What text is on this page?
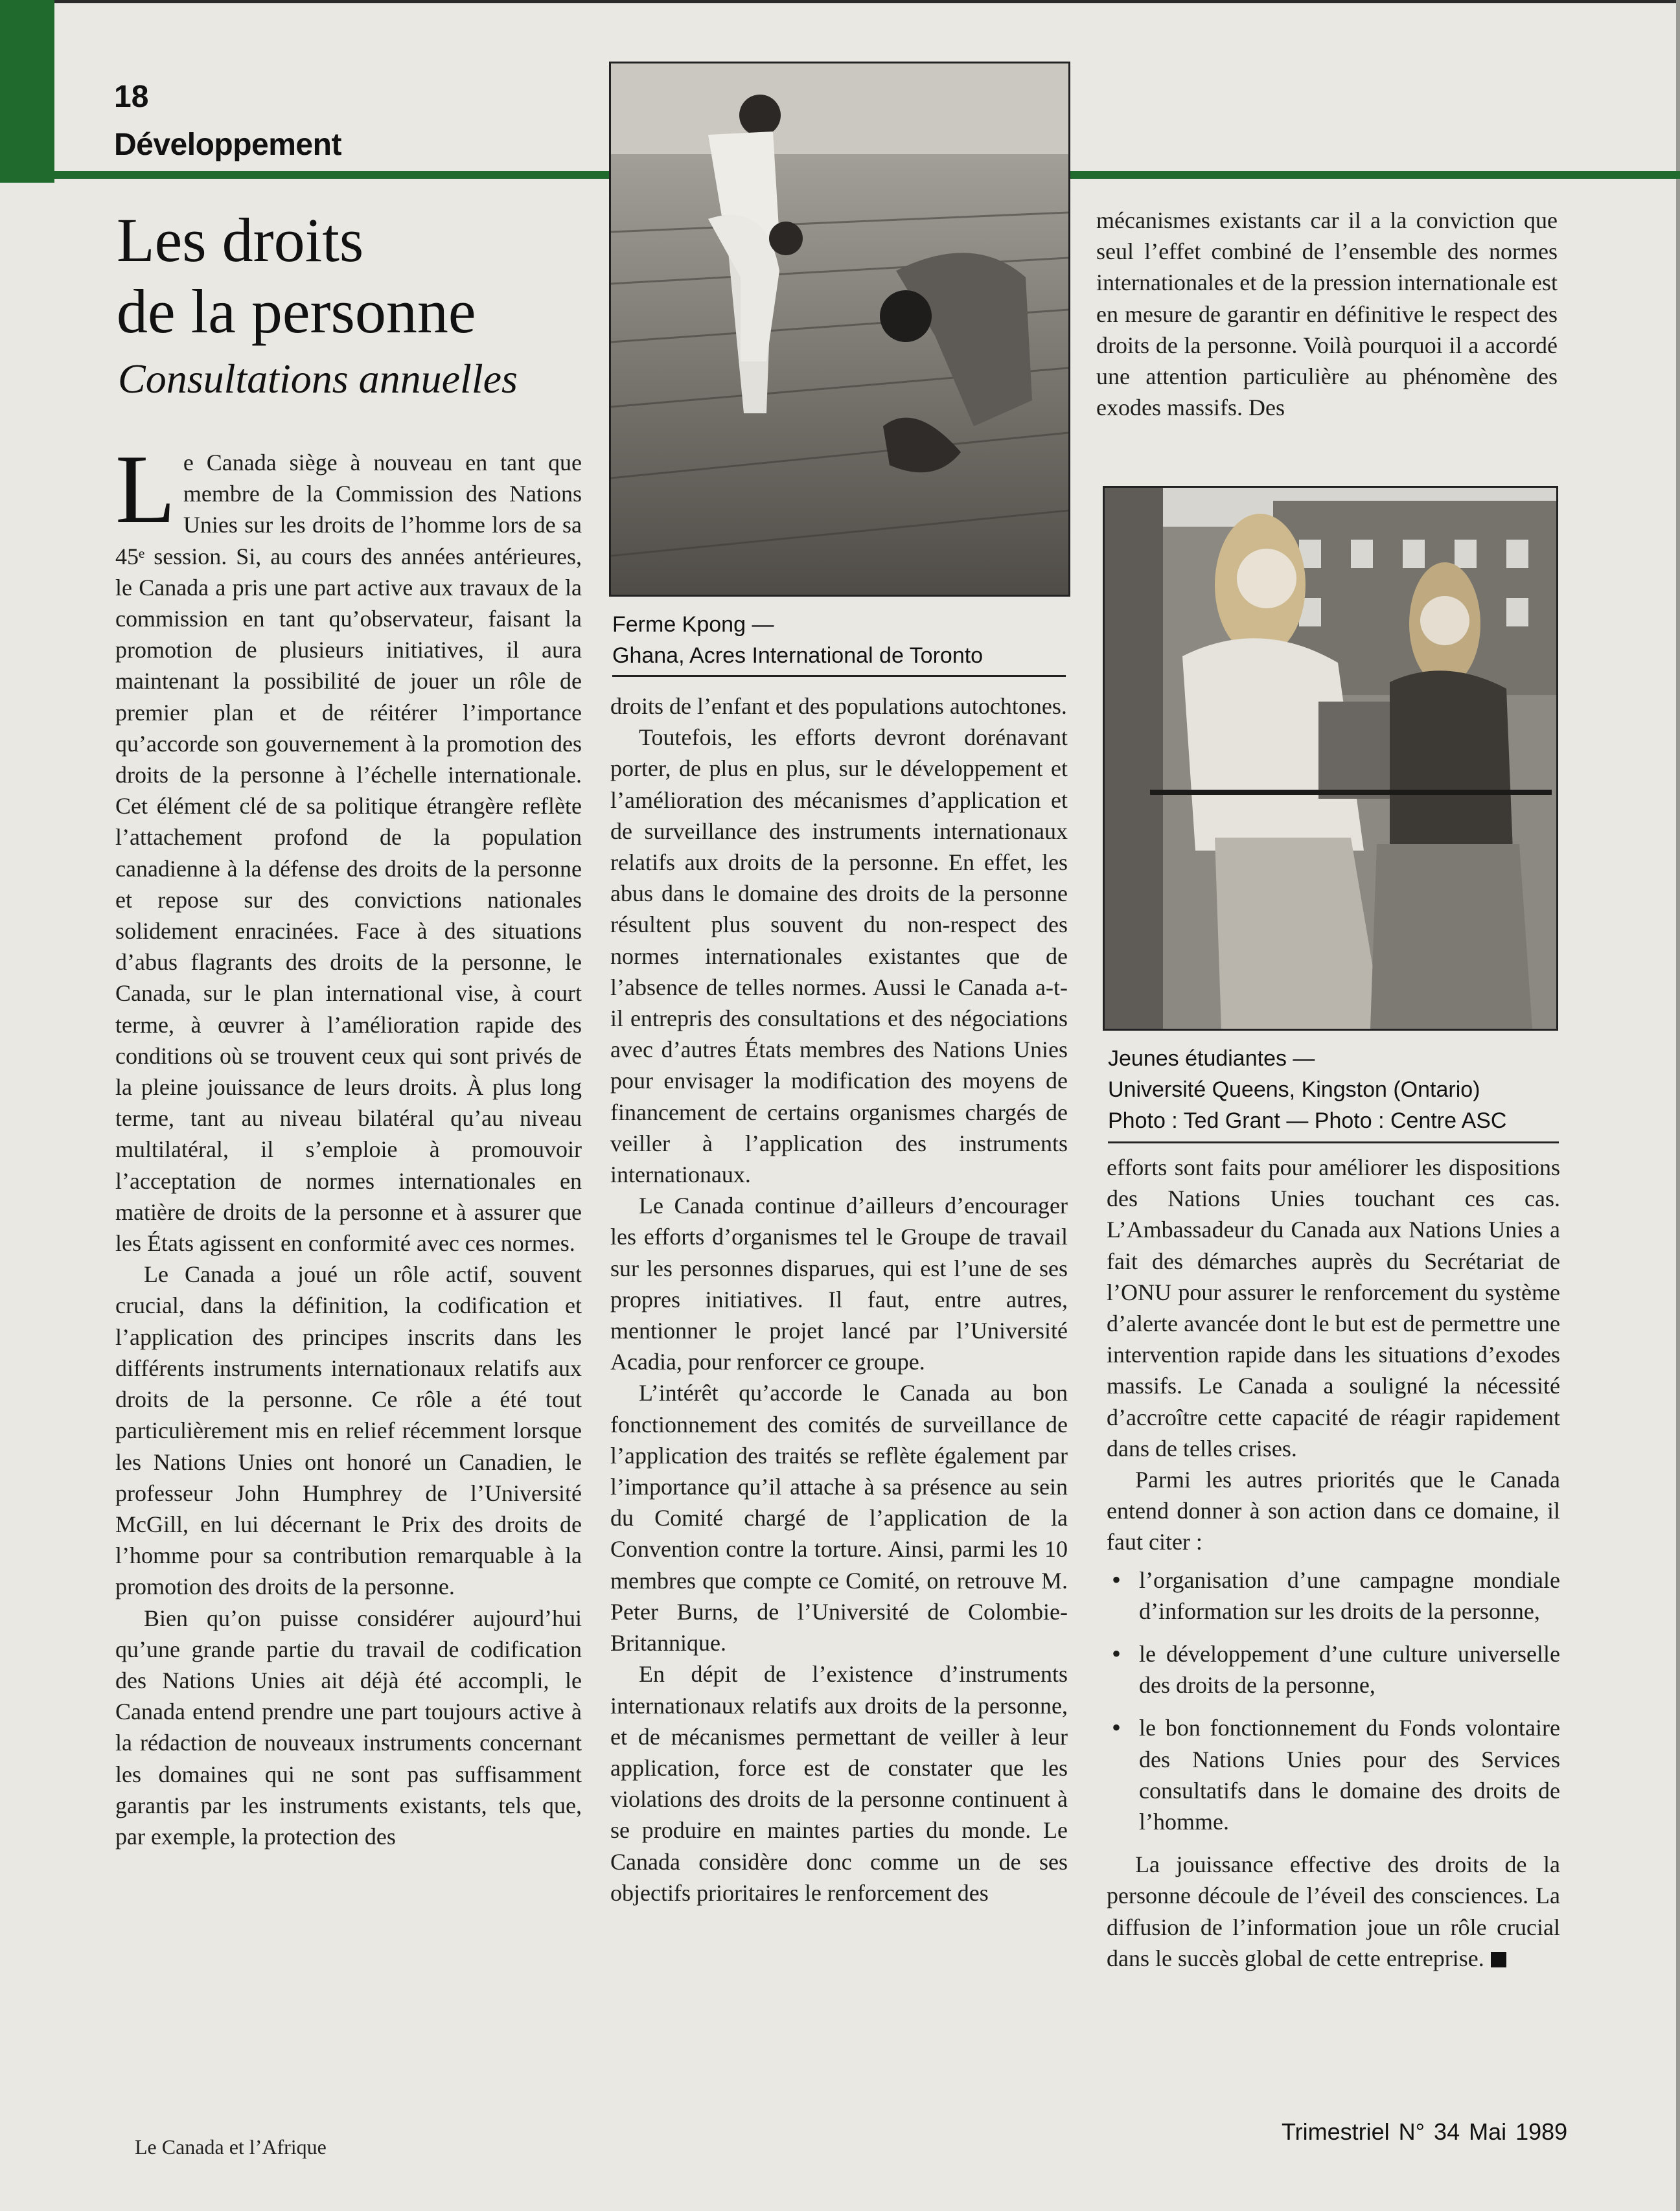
18
Développement
Les droits
de la personne
Consultations annuelles

Le Canada siège à nouveau en tant que membre de la Commission des Nations Unies sur les droits de l’homme lors de sa 45ᵉ session. Si, au cours des années antérieures, le Canada a pris une part active aux travaux de la commission en tant qu’observateur, faisant la promotion de plusieurs initiatives, il aura maintenant la possibilité de jouer un rôle de premier plan et de réitérer l’importance qu’accorde son gouvernement à la promotion des droits de la personne à l’échelle internationale. Cet élément clé de sa politique étrangère reflète l’attachement profond de la population canadienne à la défense des droits de la personne et repose sur des convictions nationales solidement enracinées. Face à des situations d’abus flagrants des droits de la personne, le Canada, sur le plan international vise, à court terme, à œuvrer à l’amélioration rapide des conditions où se trouvent ceux qui sont privés de la pleine jouissance de leurs droits. À plus long terme, tant au niveau bilatéral qu’au niveau multilatéral, il s’emploie à promouvoir l’acceptation de normes internationales en matière de droits de la personne et à assurer que les États agissent en conformité avec ces normes.

Le Canada a joué un rôle actif, souvent crucial, dans la définition, la codification et l’application des principes inscrits dans les différents instruments internationaux relatifs aux droits de la personne. Ce rôle a été tout particulièrement mis en relief récemment lorsque les Nations Unies ont honoré un Canadien, le professeur John Humphrey de l’Université McGill, en lui décernant le Prix des droits de l’homme pour sa contribution remarquable à la promotion des droits de la personne.

Bien qu’on puisse considérer aujourd’hui qu’une grande partie du travail de codification des Nations Unies ait déjà été accompli, le Canada entend prendre une part toujours active à la rédaction de nouveaux instruments concernant les domaines qui ne sont pas suffisamment garantis par les instruments existants, tels que, par exemple, la protection des

Ferme Kpong —
Ghana, Acres International de Toronto

droits de l’enfant et des populations autochtones.

Toutefois, les efforts devront dorénavant porter, de plus en plus, sur le développement et l’amélioration des mécanismes d’application et de surveillance des instruments internationaux relatifs aux droits de la personne. En effet, les abus dans le domaine des droits de la personne résultent plus souvent du non-respect des normes internationales existantes que de l’absence de telles normes. Aussi le Canada a-t-il entrepris des consultations et des négociations avec d’autres États membres des Nations Unies pour envisager la modification des moyens de financement de certains organismes chargés de veiller à l’application des instruments internationaux.

Le Canada continue d’ailleurs d’encourager les efforts d’organismes tel le Groupe de travail sur les personnes disparues, qui est l’une de ses propres initiatives. Il faut, entre autres, mentionner le projet lancé par l’Université Acadia, pour renforcer ce groupe.

L’intérêt qu’accorde le Canada au bon fonctionnement des comités de surveillance de l’application des traités se reflète également par l’importance qu’il attache à sa présence au sein du Comité chargé de l’application de la Convention contre la torture. Ainsi, parmi les 10 membres que compte ce Comité, on retrouve M. Peter Burns, de l’Université de Colombie-Britannique.

En dépit de l’existence d’instruments internationaux relatifs aux droits de la personne, et de mécanismes permettant de veiller à leur application, force est de constater que les violations des droits de la personne continuent à se produire en maintes parties du monde. Le Canada considère donc comme un de ses objectifs prioritaires le renforcement des

mécanismes existants car il a la conviction que seul l’effet combiné de l’ensemble des normes internationales et de la pression internationale est en mesure de garantir en définitive le respect des droits de la personne. Voilà pourquoi il a accordé une attention particulière au phénomène des exodes massifs. Des

Jeunes étudiantes —
Université Queens, Kingston (Ontario)
Photo : Ted Grant — Photo : Centre ASC

efforts sont faits pour améliorer les dispositions des Nations Unies touchant ces cas. L’Ambassadeur du Canada aux Nations Unies a fait des démarches auprès du Secrétariat de l’ONU pour assurer le renforcement du système d’alerte avancée dont le but est de permettre une intervention rapide dans les situations d’exodes massifs. Le Canada a souligné la nécessité d’accroître cette capacité de réagir rapidement dans de telles crises.

Parmi les autres priorités que le Canada entend donner à son action dans ce domaine, il faut citer :

• l’organisation d’une campagne mondiale d’information sur les droits de la personne,
• le développement d’une culture universelle des droits de la personne,
• le bon fonctionnement du Fonds volontaire des Nations Unies pour des Services consultatifs dans le domaine des droits de l’homme.

La jouissance effective des droits de la personne découle de l’éveil des consciences. La diffusion de l’information joue un rôle crucial dans le succès global de cette entreprise.

Le Canada et l’Afrique
Trimestriel N° 34 Mai 1989
